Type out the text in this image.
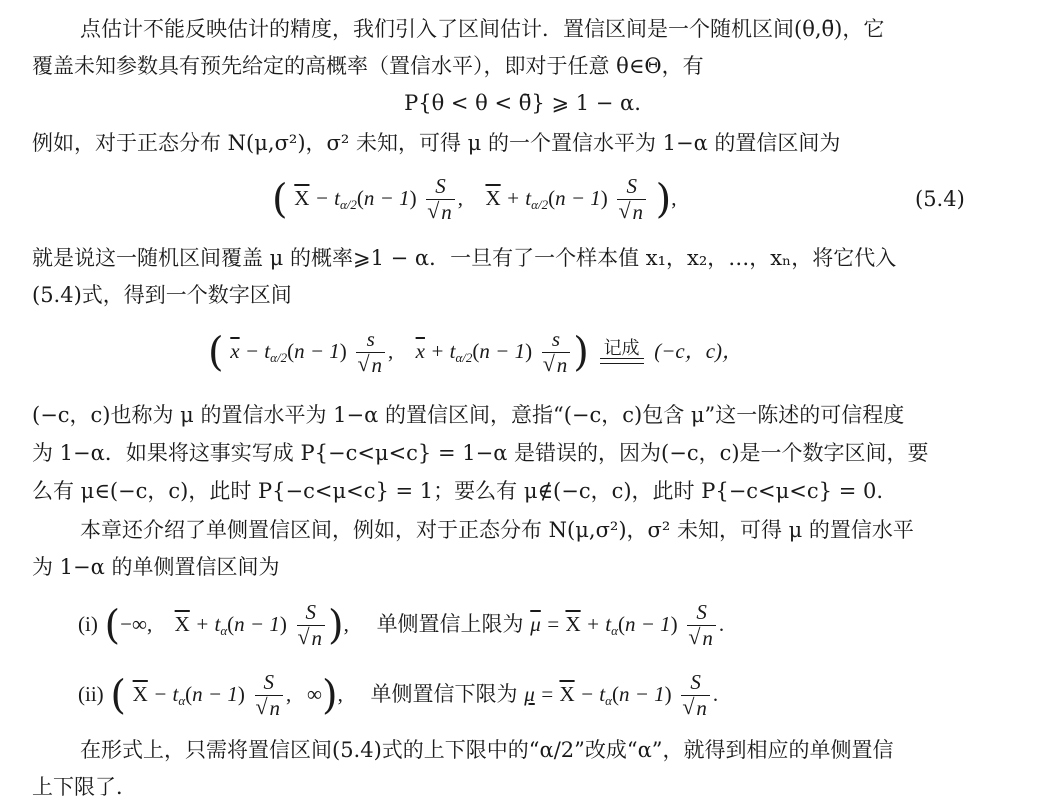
点估计不能反映估计的精度，我们引入了区间估计．置信区间是一个随机区间(θ,θ̄)，它
覆盖未知参数具有预先给定的高概率（置信水平），即对于任意 θ∈Θ，有
P{θ < θ < θ̄} ⩾ 1 − α.
例如，对于正态分布 N(μ,σ²)，σ² 未知，可得 μ 的一个置信水平为 1−α 的置信区间为
( $\overline{X} - t_{\alpha/2}(n - 1)$ S
√ n ,    $\overline{X} + t_{\alpha/2}(n - 1)$ S
√ n ),	(5.4)
就是说这一随机区间覆盖 μ 的概率⩾1 − α．一旦有了一个样本值 x₁，x₂，…，xₙ，将它代入
(5.4)式，得到一个数字区间
( $\overline{x} - t_{\alpha/2}(n - 1)$ s
√ n ,    $\overline{x} + t_{\alpha/2}(n - 1)$ s
√ n ) 记成 (−c，c)，
(−c，c)也称为 μ 的置信水平为 1−α 的置信区间，意指“(−c，c)包含 μ”这一陈述的可信程度
为 1−α．如果将这事实写成 P{−c<μ<c} = 1−α 是错误的，因为(−c，c)是一个数字区间，要
么有 μ∈(−c，c)，此时 P{−c<μ<c} = 1；要么有 μ∉(−c，c)，此时 P{−c<μ<c} = 0.
本章还介绍了单侧置信区间，例如，对于正态分布 N(μ,σ²)，σ² 未知，可得 μ 的置信水平
为 1−α 的单侧置信区间为
(i) (−∞,    $\overline{X} + t_\alpha(n - 1)$ S
√ n ),     单侧置信上限为 $\overline{\mu} = \overline{X} + t_\alpha(n - 1)$ S
√ n .
(ii) ( $\overline{X} - t_\alpha(n - 1)$ S
√ n ,   ∞),     单侧置信下限为 $\mu = \overline{X} - t_\alpha(n - 1)$ S
√ n .
在形式上，只需将置信区间(5.4)式的上下限中的“α/2”改成“α”，就得到相应的单侧置信
上下限了．
